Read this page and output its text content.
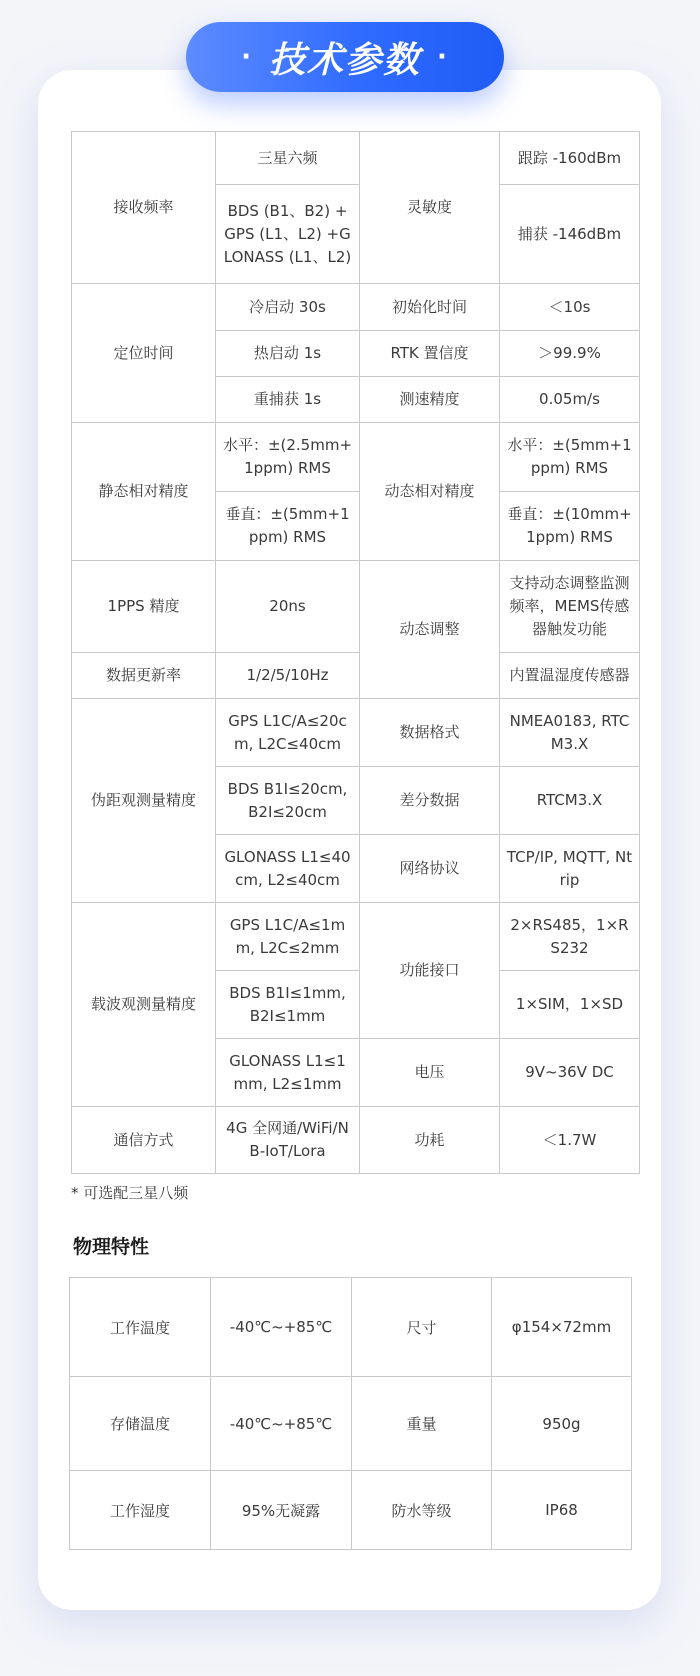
· 技术参数 ·
接收频率	三星六频	灵敏度	跟踪 -160dBm
	BDS (B1、B2) +GPS (L1、L2) +GLONASS (L1、L2)		捕获 -146dBm
定位时间	冷启动 30s	初始化时间	＜10s
	热启动 1s	RTK 置信度	＞99.9%
	重捕获 1s	测速精度	0.05m/s
静态相对精度	水平：±(2.5mm+1ppm) RMS	动态相对精度	水平：±(5mm+1ppm) RMS
	垂直：±(5mm+1ppm) RMS		垂直：±(10mm+1ppm) RMS
1PPS 精度	20ns	动态调整	支持动态调整监测频率，MEMS传感器触发功能
数据更新率	1/2/5/10Hz		内置温湿度传感器
伪距观测量精度	GPS L1C/A≤20cm, L2C≤40cm	数据格式	NMEA0183, RTCM3.X
	BDS B1I≤20cm, B2I≤20cm	差分数据	RTCM3.X
	GLONASS L1≤40cm, L2≤40cm	网络协议	TCP/IP, MQTT, Ntrip
载波观测量精度	GPS L1C/A≤1mm, L2C≤2mm	功能接口	2×RS485，1×RS232
	BDS B1I≤1mm, B2I≤1mm		1×SIM，1×SD
	GLONASS L1≤1mm, L2≤1mm	电压	9V~36V DC
通信方式	4G 全网通/WiFi/NB-IoT/Lora	功耗	＜1.7W
* 可选配三星八频
物理特性
工作温度	-40℃~+85℃	尺寸	φ154×72mm
存储温度	-40℃~+85℃	重量	950g
工作湿度	95%无凝露	防水等级	IP68
